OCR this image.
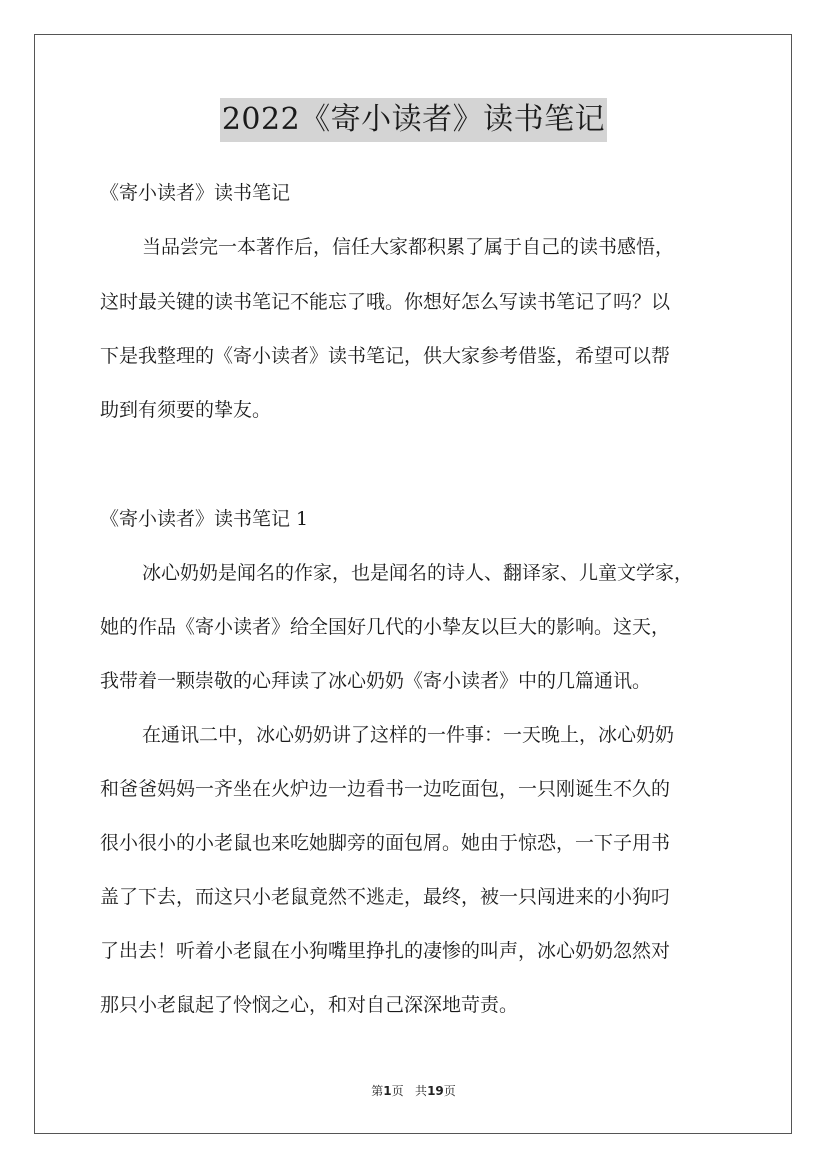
2022《寄小读者》读书笔记
《寄小读者》读书笔记
当品尝完一本著作后，信任大家都积累了属于自己的读书感悟，
这时最关键的读书笔记不能忘了哦。你想好怎么写读书笔记了吗？以
下是我整理的《寄小读者》读书笔记，供大家参考借鉴，希望可以帮
助到有须要的挚友。
《寄小读者》读书笔记 1
冰心奶奶是闻名的作家，也是闻名的诗人、翻译家、儿童文学家，
她的作品《寄小读者》给全国好几代的小挚友以巨大的影响。这天，
我带着一颗崇敬的心拜读了冰心奶奶《寄小读者》中的几篇通讯。
在通讯二中，冰心奶奶讲了这样的一件事：一天晚上，冰心奶奶
和爸爸妈妈一齐坐在火炉边一边看书一边吃面包，一只刚诞生不久的
很小很小的小老鼠也来吃她脚旁的面包屑。她由于惊恐，一下子用书
盖了下去，而这只小老鼠竟然不逃走，最终，被一只闯进来的小狗叼
了出去！听着小老鼠在小狗嘴里挣扎的凄惨的叫声，冰心奶奶忽然对
那只小老鼠起了怜悯之心，和对自己深深地苛责。
第1页 共19页
